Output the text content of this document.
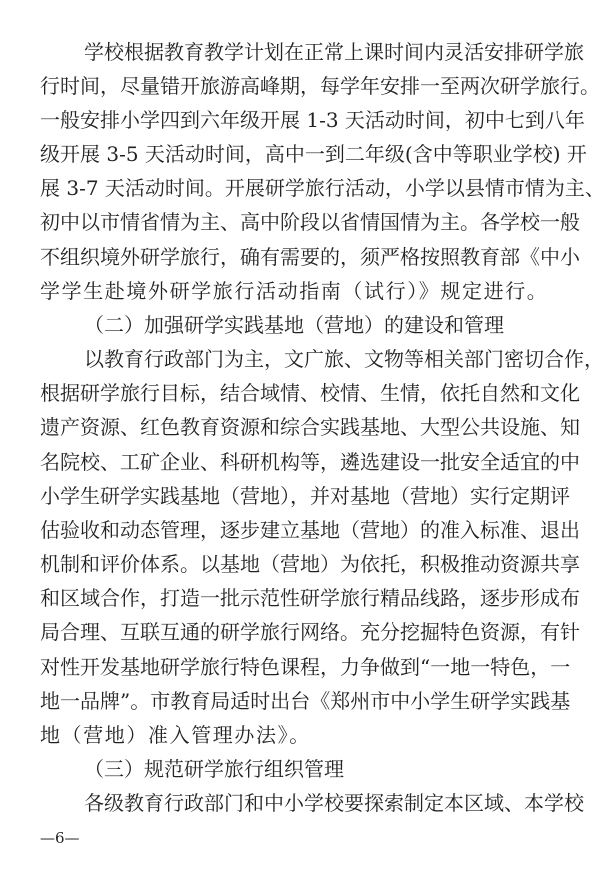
学校根据教育教学计划在正常上课时间内灵活安排研学旅
行时间，尽量错开旅游高峰期，每学年安排一至两次研学旅行。
一般安排小学四到六年级开展 1-3 天活动时间，初中七到八年
级开展 3-5 天活动时间，高中一到二年级(含中等职业学校) 开
展 3-7 天活动时间。开展研学旅行活动，小学以县情市情为主、
初中以市情省情为主、高中阶段以省情国情为主。各学校一般
不组织境外研学旅行，确有需要的，须严格按照教育部《中小
学学生赴境外研学旅行活动指南（试行）》规定进行。
（二）加强研学实践基地（营地）的建设和管理
以教育行政部门为主，文广旅、文物等相关部门密切合作，
根据研学旅行目标，结合域情、校情、生情，依托自然和文化
遗产资源、红色教育资源和综合实践基地、大型公共设施、知
名院校、工矿企业、科研机构等，遴选建设一批安全适宜的中
小学生研学实践基地（营地），并对基地（营地）实行定期评
估验收和动态管理，逐步建立基地（营地）的准入标准、退出
机制和评价体系。以基地（营地）为依托，积极推动资源共享
和区域合作，打造一批示范性研学旅行精品线路，逐步形成布
局合理、互联互通的研学旅行网络。充分挖掘特色资源，有针
对性开发基地研学旅行特色课程，力争做到“一地一特色，一
地一品牌”。市教育局适时出台《郑州市中小学生研学实践基
地（营地）准入管理办法》。
（三）规范研学旅行组织管理
各级教育行政部门和中小学校要探索制定本区域、本学校
—6—
